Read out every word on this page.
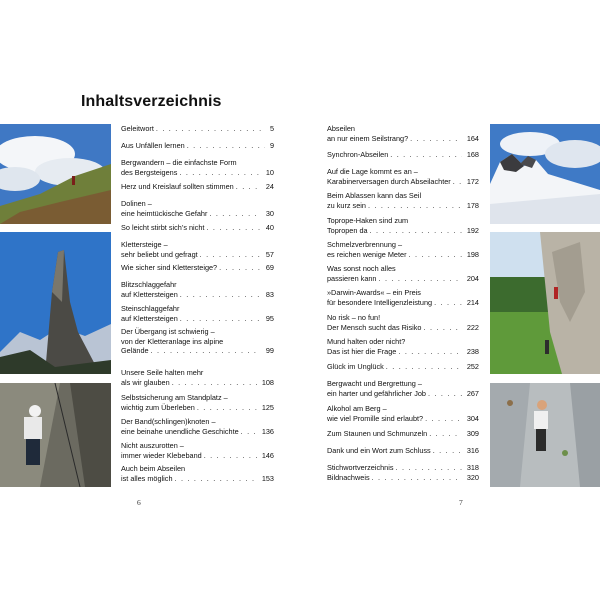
Inhaltsverzeichnis
Geleitwort . . .	5
Aus Unfällen lernen . . .	9
Bergwandern – die einfachste Form
des Bergsteigens . . .	10
Herz und Kreislauf sollten stimmen . . .	24
Dolinen –
eine heimtückische Gefahr . . .	30
So leicht stirbt sich’s nicht . . .	40
Klettersteige –
sehr beliebt und gefragt . . .	57
Wie sicher sind Klettersteige? . . .	69
Blitzschlaggefahr
auf Klettersteigen . . .	83
Steinschlaggefahr
auf Klettersteigen . . .	95
Der Übergang ist schwierig –
von der Kletteranlage ins alpine
Gelände . . .	99
Unsere Seile halten mehr
als wir glauben . . .	108
Selbstsicherung am Standplatz –
wichtig zum Überleben . . .	125
Der Band(schlingen)knoten –
eine beinahe unendliche Geschichte . . .	136
Nicht auszurotten –
immer wieder Klebeband . . .	146
Auch beim Abseilen
ist alles möglich . . .	153
Abseilen
an nur einem Seilstrang? . . .	164
Synchron-Abseilen . . .	168
Auf die Lage kommt es an –
Karabinerversagen durch Abseilachter . . .	172
Beim Ablassen kann das Seil
zu kurz sein . . .	178
Toprope-Haken sind zum
Topropen da . . .	192
Schmelzverbrennung –
es reichen wenige Meter . . .	198
Was sonst noch alles
passieren kann . . .	204
»Darwin-Awards« – ein Preis
für besondere Intelligenzleistung . . .	214
No risk – no fun!
Der Mensch sucht das Risiko . . .	222
Mund halten oder nicht?
Das ist hier die Frage . . .	238
Glück im Unglück . . .	252
Bergwacht und Bergrettung –
ein harter und gefährlicher Job . . .	267
Alkohol am Berg –
wie viel Promille sind erlaubt? . . .	304
Zum Staunen und Schmunzeln . . .	309
Dank und ein Wort zum Schluss . . .	316
Stichwortverzeichnis . . .	318
Bildnachweis . . .	320
6	7
